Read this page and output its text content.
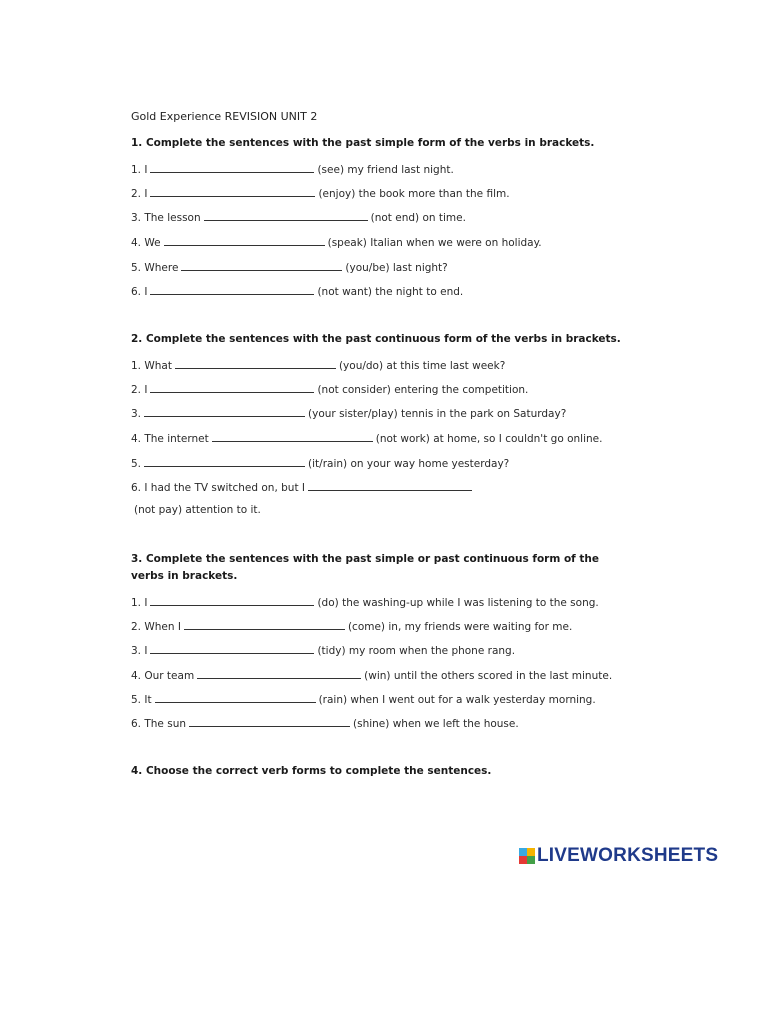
Gold Experience REVISION UNIT 2
1. Complete the sentences with the past simple form of the verbs in brackets.
1. I	(see) my friend last night.
2. I	(enjoy) the book more than the film.
3. The lesson	(not end) on time.
4. We	(speak) Italian when we were on holiday.
5. Where	(you/be) last night?
6. I	(not want) the night to end.
2. Complete the sentences with the past continuous form of the verbs in brackets.
1. What	(you/do) at this time last week?
2. I	(not consider) entering the competition.
3.	(your sister/play) tennis in the park on Saturday?
4. The internet	(not work) at home, so I couldn't go online.
5.	(it/rain) on your way home yesterday?
6. I had the TV switched on, but I
(not pay) attention to it.
3. Complete the sentences with the past simple or past continuous form of the verbs in brackets.
1. I	(do) the washing-up while I was listening to the song.
2. When I	(come) in, my friends were waiting for me.
3. I	(tidy) my room when the phone rang.
4. Our team	(win) until the others scored in the last minute.
5. It	(rain) when I went out for a walk yesterday morning.
6. The sun	(shine) when we left the house.
4. Choose the correct verb forms to complete the sentences.
LIVEWORKSHEETS
